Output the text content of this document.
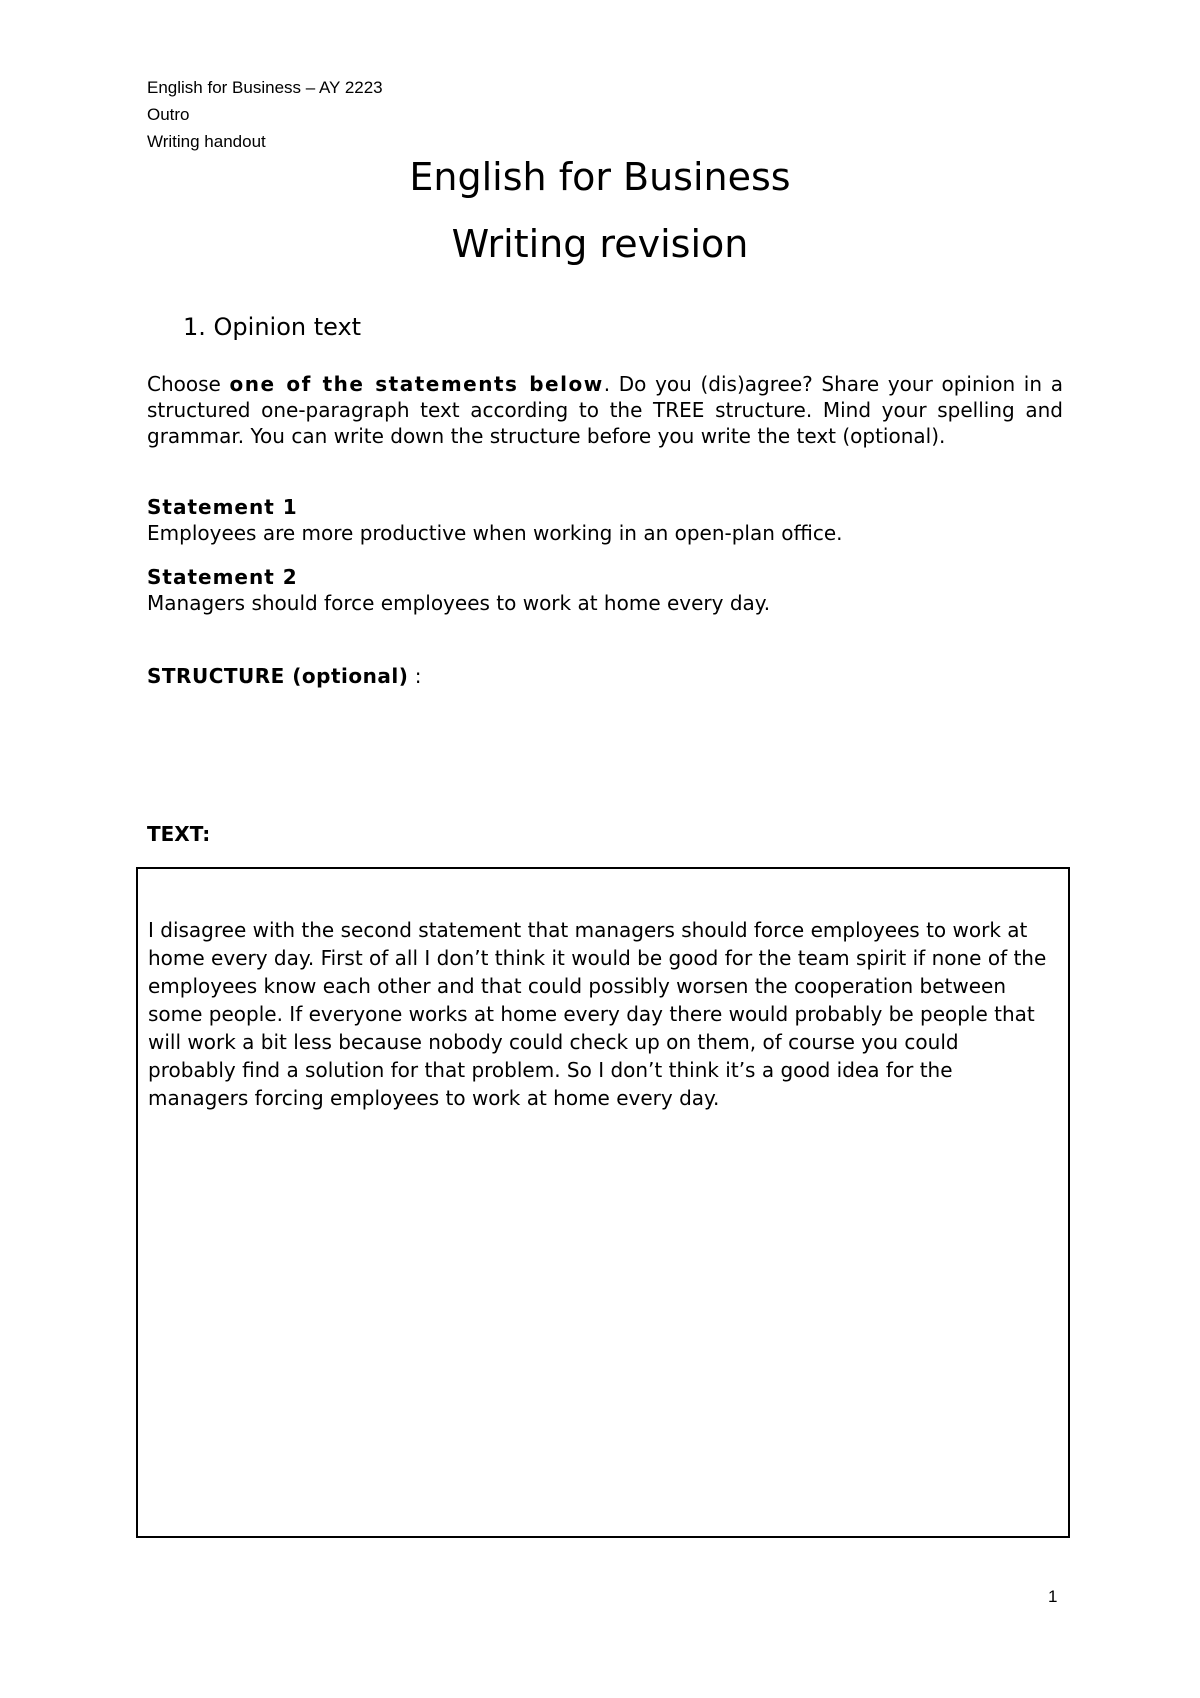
English for Business – AY 2223
Outro
Writing handout
English for Business
Writing revision
1. Opinion text
Choose one of the statements below. Do you (dis)agree? Share your opinion in a structured one-paragraph text according to the TREE structure. Mind your spelling and grammar. You can write down the structure before you write the text (optional).
Statement 1
Employees are more productive when working in an open-plan office.
Statement 2
Managers should force employees to work at home every day.
STRUCTURE (optional) :
TEXT:
I disagree with the second statement that managers should force employees to work at home every day. First of all I don’t think it would be good for the team spirit if none of the employees know each other and that could possibly worsen the cooperation between some people. If everyone works at home every day there would probably be people that will work a bit less because nobody could check up on them, of course you could probably find a solution for that problem. So I don’t think it’s a good idea for the managers forcing employees to work at home every day.
1
